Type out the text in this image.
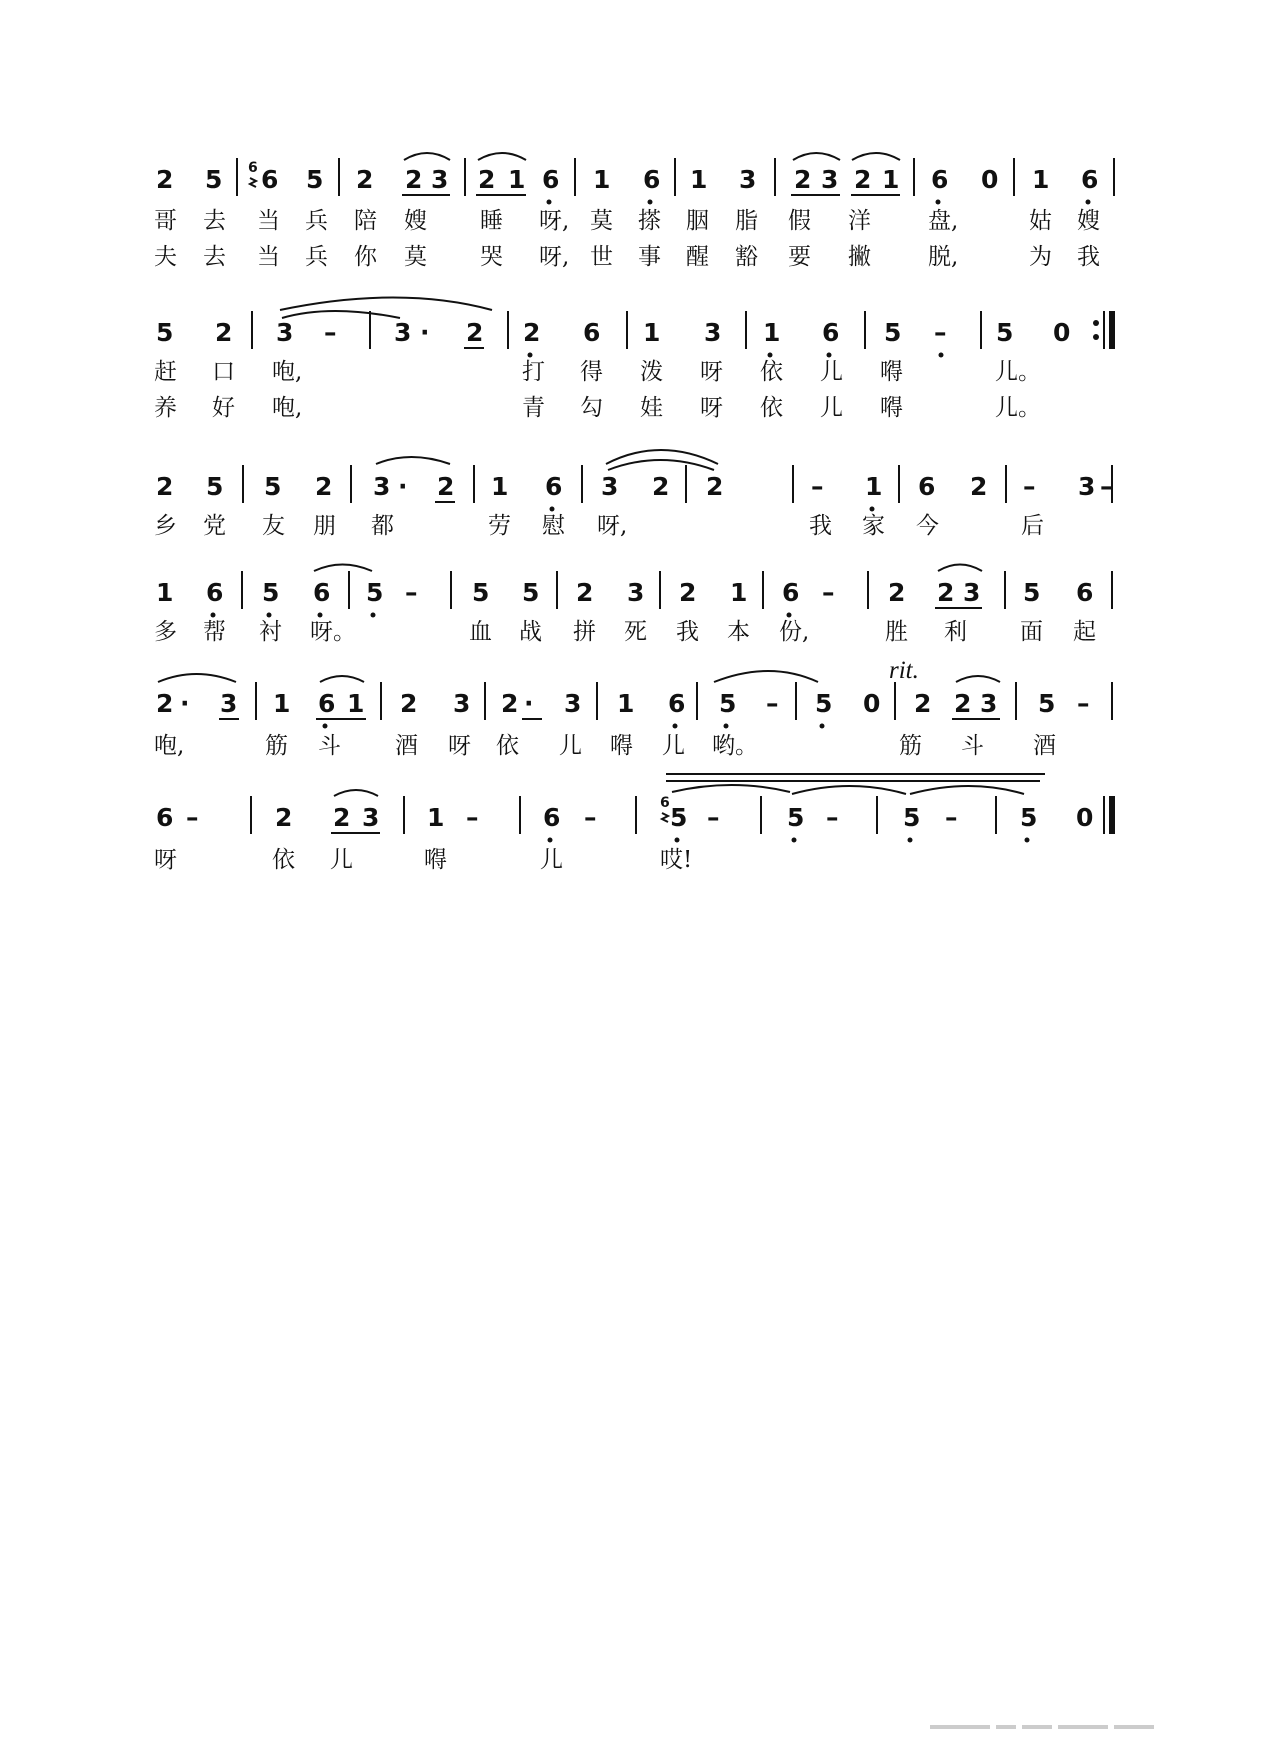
6
2 5 6 5 2 2 3 2 1 6 1 6 1 3 2 3 2 1 6 0 1 6
哥 去 当 兵 陪 嫂 睡 呀, 莫 搽 胭 脂 假 洋 盘,	姑 嫂
夫 去 当 兵 你 莫 哭 呀, 世 事 醒 豁 要 撇 脱,	为 我
5 2 3 – 3 · 2 2 6 1 3 1 6 5 – 5 0
赶 口 咆,	打 得 泼 呀 依 儿 嘚	儿。
养 好 咆,	青 勾 娃 呀 依 儿 嘚	儿。
2 5 5 2 3 · 2 1 6 3 2 2	– 1 6 2 – 3 –
乡 党 友 朋 都	劳 慰 呀,	我 家 今	后
1 6 5 6 5 – 5 5 2 3 2 1 6 – 2 2 3 5 6
多 帮 衬 呀。	血 战 拼 死 我 本 份,	胜 利 面 起
rit.
2 · 3 1 6 1 2 3 2 · 3 1 6 5 – 5 0 2 2 3 5 –
咆,	筋 斗 酒 呀 依 儿 嘚 儿 哟。	筋 斗 酒
6
6 –	2 2 3 1 –	6 –	5 –	5 –	5 –	5 0
呀	依 儿	嘚	儿	哎!
